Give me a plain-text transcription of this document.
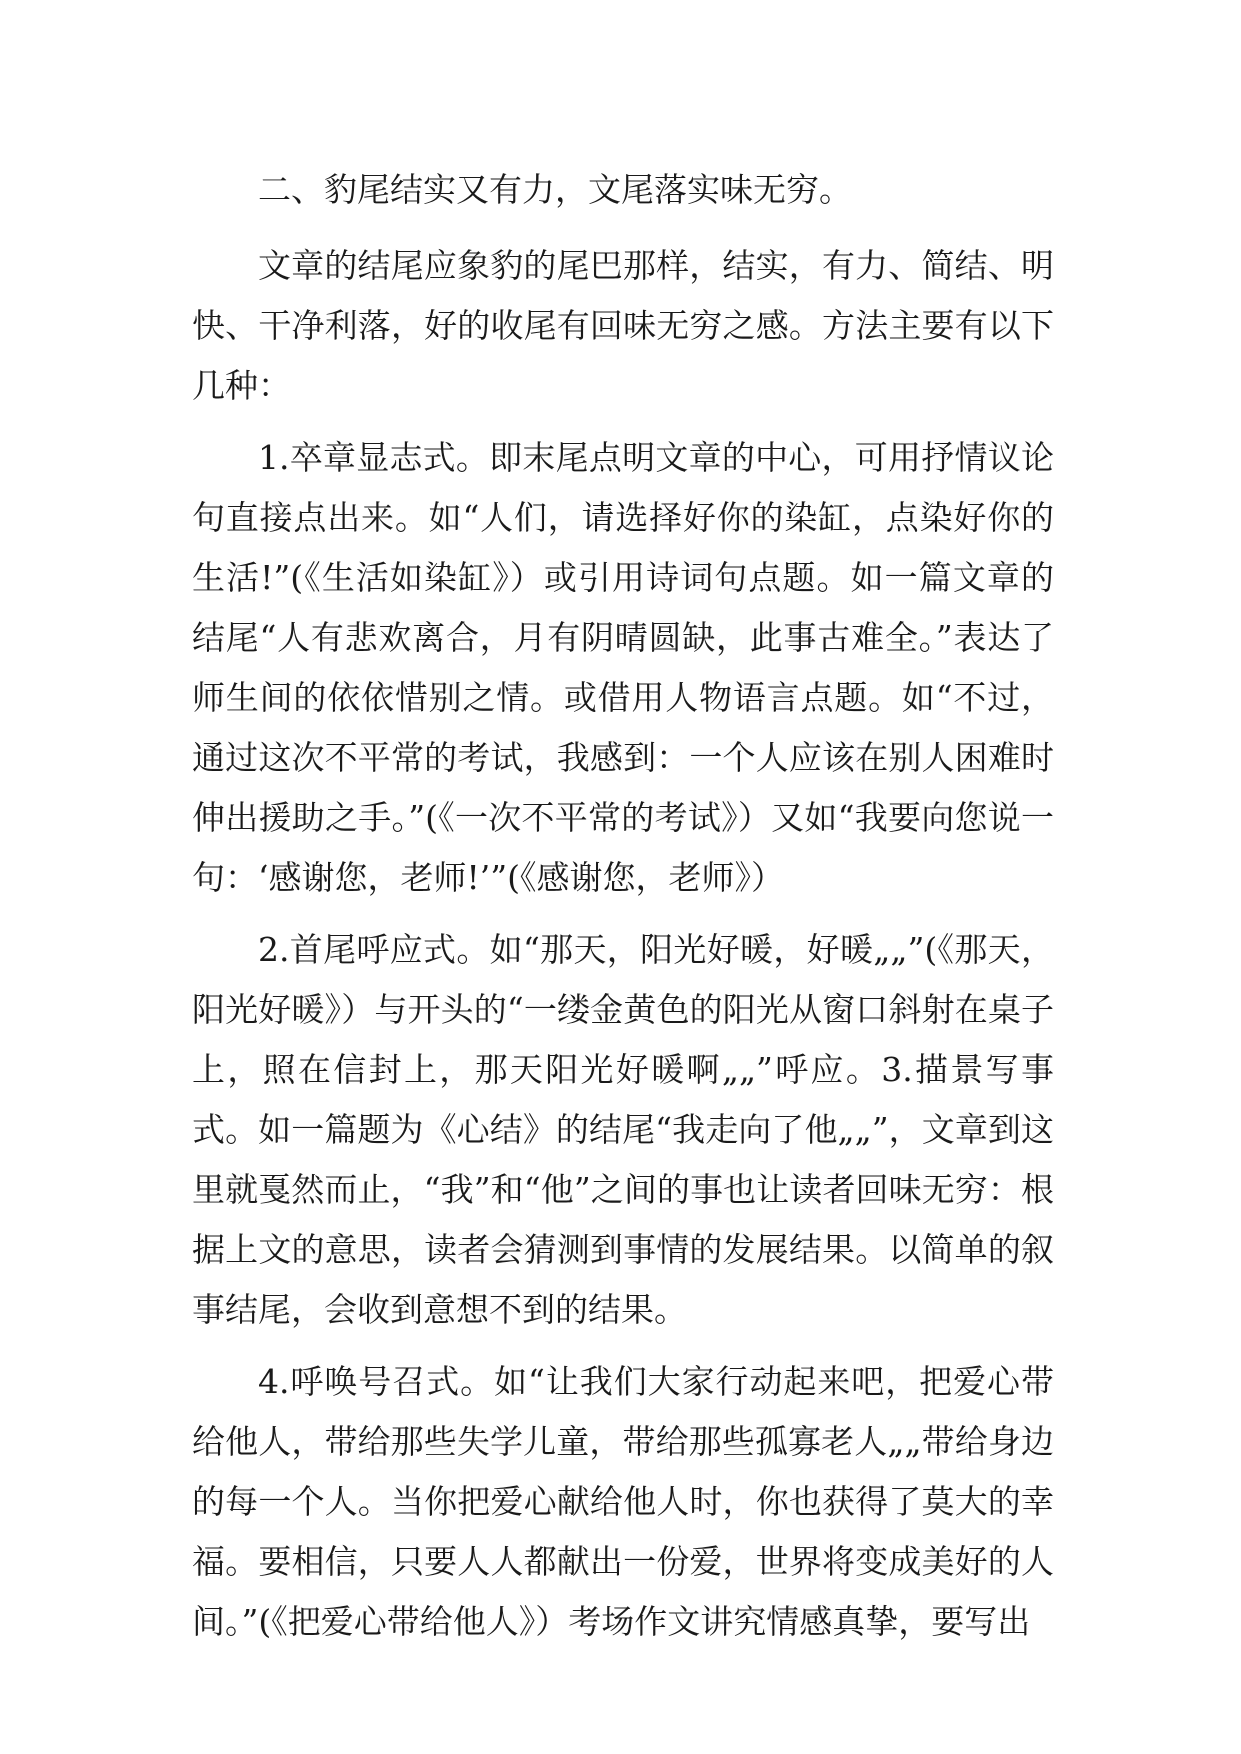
二、豹尾结实又有力，文尾落实味无穷。

文章的结尾应象豹的尾巴那样，结实，有力、简结、明快、干净利落，好的收尾有回味无穷之感。方法主要有以下几种：

1.卒章显志式。即末尾点明文章的中心，可用抒情议论句直接点出来。如“人们，请选择好你的染缸，点染好你的生活!”(《生活如染缸》）或引用诗词句点题。如一篇文章的结尾“人有悲欢离合，月有阴晴圆缺，此事古难全。”表达了师生间的依依惜别之情。或借用人物语言点题。如“不过，通过这次不平常的考试，我感到：一个人应该在别人困难时伸出援助之手。”(《一次不平常的考试》）又如“我要向您说一句：‘感谢您，老师!’”(《感谢您，老师》）

2.首尾呼应式。如“那天，阳光好暖，好暖„„”(《那天，阳光好暖》）与开头的“一缕金黄色的阳光从窗口斜射在桌子上，照在信封上，那天阳光好暖啊„„”呼应。3.描景写事式。如一篇题为《心结》的结尾“我走向了他„„”，文章到这里就戛然而止，“我”和“他”之间的事也让读者回味无穷：根据上文的意思，读者会猜测到事情的发展结果。以简单的叙事结尾，会收到意想不到的结果。

4.呼唤号召式。如“让我们大家行动起来吧，把爱心带给他人，带给那些失学儿童，带给那些孤寡老人„„带给身边的每一个人。当你把爱心献给他人时，你也获得了莫大的幸福。要相信，只要人人都献出一份爱，世界将变成美好的人间。”(《把爱心带给他人》）考场作文讲究情感真挚，要写出
